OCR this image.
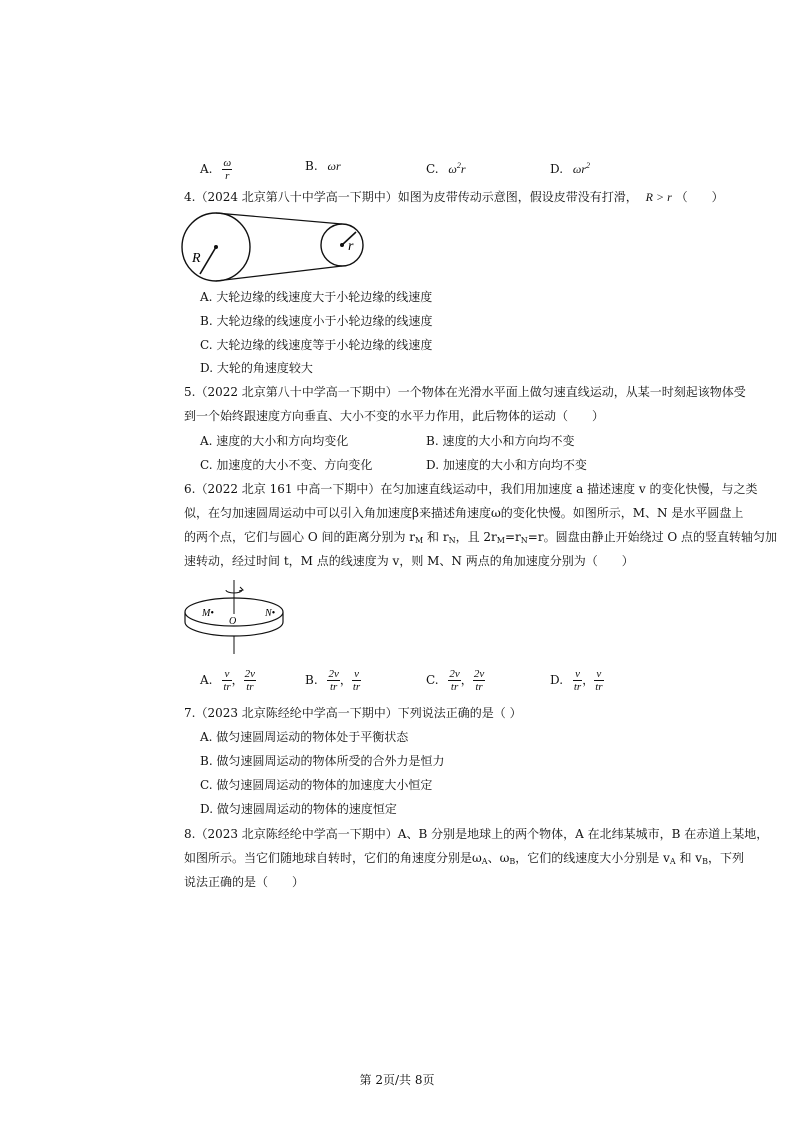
A. $\frac{\omega}{r}$	B. ωr	C. $\omega^2r$	D. $\omega r^2$
4.（2024 北京第八十中学高一下期中）如图为皮带传动示意图，假设皮带没有打滑， R > r （　　）
R
r
A. 大轮边缘的线速度大于小轮边缘的线速度
B. 大轮边缘的线速度小于小轮边缘的线速度
C. 大轮边缘的线速度等于小轮边缘的线速度
D. 大轮的角速度较大
5.（2022 北京第八十中学高一下期中）一个物体在光滑水平面上做匀速直线运动，从某一时刻起该物体受
到一个始终跟速度方向垂直、大小不变的水平力作用，此后物体的运动（　　）
A. 速度的大小和方向均变化	B. 速度的大小和方向均不变
C. 加速度的大小不变、方向变化	D. 加速度的大小和方向均不变
6.（2022 北京 161 中高一下期中）在匀加速直线运动中，我们用加速度 a 描述速度 v 的变化快慢，与之类
似，在匀加速圆周运动中可以引入角加速度β来描述角速度ω的变化快慢。如图所示，M、N 是水平圆盘上
的两个点，它们与圆心 O 间的距离分别为 $r_M$ 和 $r_N$，且 $2r_M=r_N=r$。圆盘由静止开始绕过 O 点的竖直转轴匀加
速转动，经过时间 t，M 点的线速度为 v，则 M、N 两点的角加速度分别为（　　）
M•	N•
O
A. $\frac{v}{tr}$ ， $\frac{2v}{tr}$	B. $\frac{2v}{tr}$ ， $\frac{v}{tr}$	C. $\frac{2v}{tr}$ ， $\frac{2v}{tr}$	D. $\frac{v}{tr}$ ， $\frac{v}{tr}$
7.（2023 北京陈经纶中学高一下期中）下列说法正确的是（ ）
A. 做匀速圆周运动的物体处于平衡状态
B. 做匀速圆周运动的物体所受的合外力是恒力
C. 做匀速圆周运动的物体的加速度大小恒定
D. 做匀速圆周运动的物体的速度恒定
8.（2023 北京陈经纶中学高一下期中）A、B 分别是地球上的两个物体，A 在北纬某城市，B 在赤道上某地，
如图所示。当它们随地球自转时，它们的角速度分别是$\omega_A$、$\omega_B$，它们的线速度大小分别是 $v_A$ 和 $v_B$，下列
说法正确的是（　　）
第 2页/共 8页
